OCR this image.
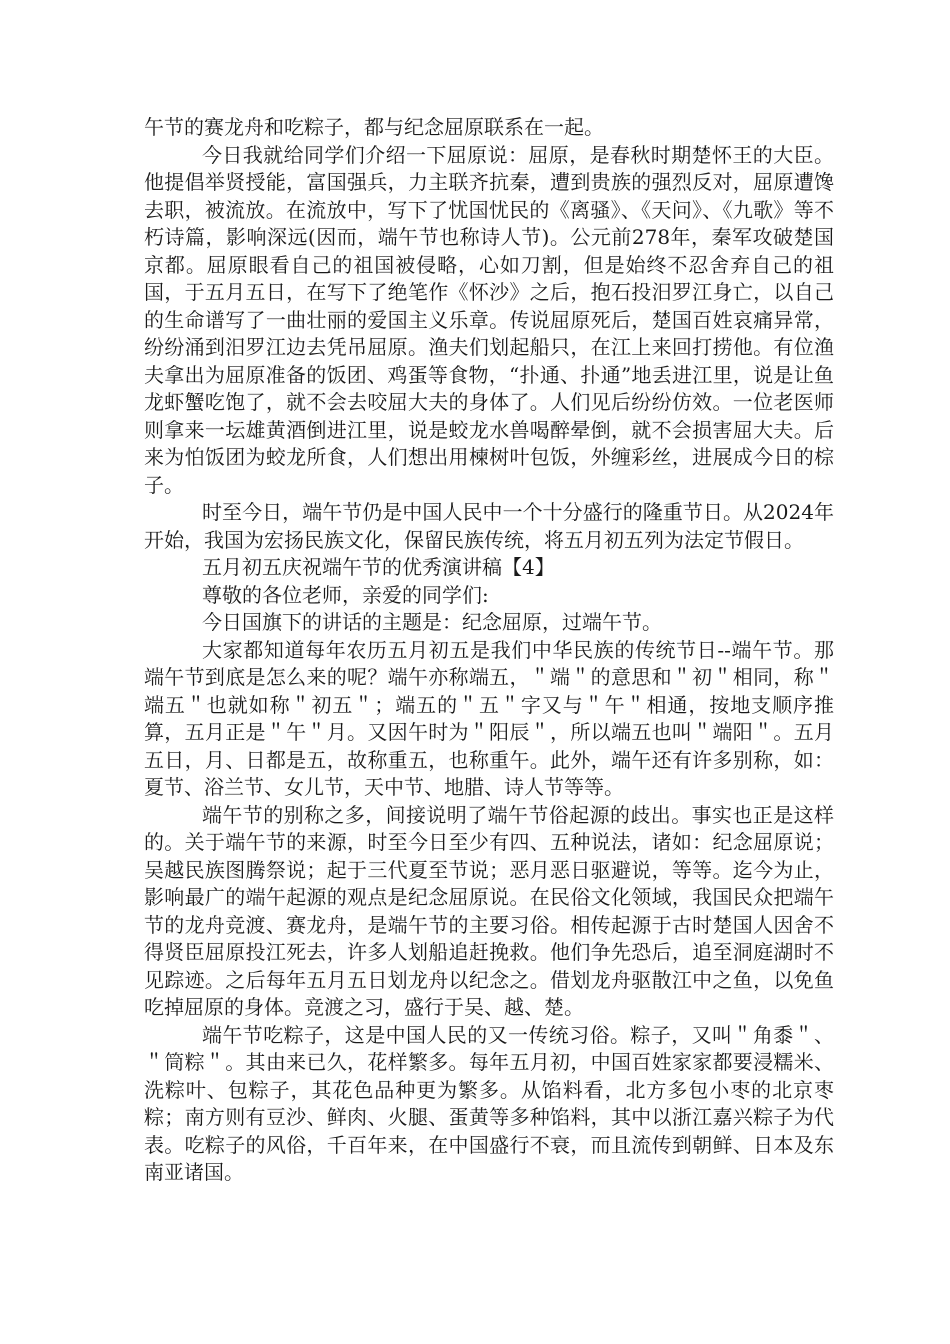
午节的赛龙舟和吃粽子，都与纪念屈原联系在一起。

今日我就给同学们介绍一下屈原说：屈原，是春秋时期楚怀王的大臣。他提倡举贤授能，富国强兵，力主联齐抗秦，遭到贵族的强烈反对，屈原遭馋去职，被流放。在流放中，写下了忧国忧民的《离骚》、《天问》、《九歌》等不朽诗篇，影响深远(因而，端午节也称诗人节)。公元前278年，秦军攻破楚国京都。屈原眼看自己的祖国被侵略，心如刀割，但是始终不忍舍弃自己的祖国，于五月五日，在写下了绝笔作《怀沙》之后，抱石投汨罗江身亡，以自己的生命谱写了一曲壮丽的爱国主义乐章。传说屈原死后，楚国百姓哀痛异常，纷纷涌到汨罗江边去凭吊屈原。渔夫们划起船只，在江上来回打捞他。有位渔夫拿出为屈原准备的饭团、鸡蛋等食物，“扑通、扑通”地丢进江里，说是让鱼龙虾蟹吃饱了，就不会去咬屈大夫的身体了。人们见后纷纷仿效。一位老医师则拿来一坛雄黄酒倒进江里，说是蛟龙水兽喝醉晕倒，就不会损害屈大夫。后来为怕饭团为蛟龙所食，人们想出用楝树叶包饭，外缠彩丝，进展成今日的棕子。

时至今日，端午节仍是中国人民中一个十分盛行的隆重节日。从2024年开始，我国为宏扬民族文化，保留民族传统，将五月初五列为法定节假日。

五月初五庆祝端午节的优秀演讲稿【4】

尊敬的各位老师，亲爱的同学们:

今日国旗下的讲话的主题是：纪念屈原，过端午节。

大家都知道每年农历五月初五是我们中华民族的传统节日--端午节。那端午节到底是怎么来的呢？端午亦称端五，＂端＂的意思和＂初＂相同，称＂端五＂也就如称＂初五＂；端五的＂五＂字又与＂午＂相通，按地支顺序推算，五月正是＂午＂月。又因午时为＂阳辰＂，所以端五也叫＂端阳＂。五月五日，月、日都是五，故称重五，也称重午。此外，端午还有许多别称，如：夏节、浴兰节、女儿节，天中节、地腊、诗人节等等。

端午节的别称之多，间接说明了端午节俗起源的歧出。事实也正是这样的。关于端午节的来源，时至今日至少有四、五种说法，诸如：纪念屈原说；吴越民族图腾祭说；起于三代夏至节说；恶月恶日驱避说，等等。迄今为止，影响最广的端午起源的观点是纪念屈原说。在民俗文化领域，我国民众把端午节的龙舟竞渡、赛龙舟，是端午节的主要习俗。相传起源于古时楚国人因舍不得贤臣屈原投江死去，许多人划船追赶挽救。他们争先恐后，追至洞庭湖时不见踪迹。之后每年五月五日划龙舟以纪念之。借划龙舟驱散江中之鱼，以免鱼吃掉屈原的身体。竞渡之习，盛行于吴、越、楚。

端午节吃粽子，这是中国人民的又一传统习俗。粽子，又叫＂角黍＂、＂筒粽＂。其由来已久，花样繁多。每年五月初，中国百姓家家都要浸糯米、洗粽叶、包粽子，其花色品种更为繁多。从馅料看，北方多包小枣的北京枣粽；南方则有豆沙、鲜肉、火腿、蛋黄等多种馅料，其中以浙江嘉兴粽子为代表。吃粽子的风俗，千百年来，在中国盛行不衰，而且流传到朝鲜、日本及东南亚诸国。
